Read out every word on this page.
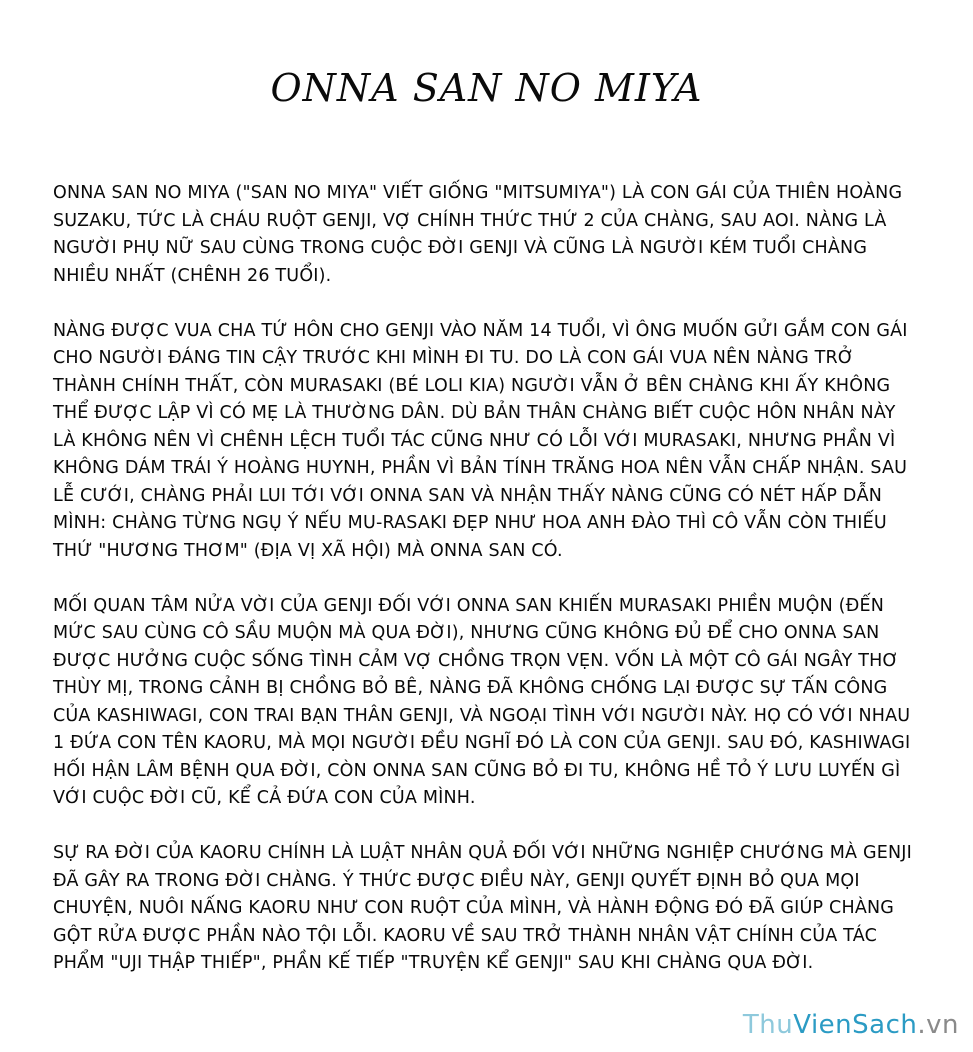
ONNA SAN NO MIYA

ONNA SAN NO MIYA ("SAN NO MIYA" VIẾT GIỐNG "MITSUMIYA") LÀ CON GÁI CỦA THIÊN HOÀNG SUZAKU, TỨC LÀ CHÁU RUỘT GENJI, VỢ CHÍNH THỨC THỨ 2 CỦA CHÀNG, SAU AOI. NÀNG LÀ NGƯỜI PHỤ NỮ SAU CÙNG TRONG CUỘC ĐỜI GENJI VÀ CŨNG LÀ NGƯỜI KÉM TUỔI CHÀNG NHIỀU NHẤT (CHÊNH 26 TUỔI).

NÀNG ĐƯỢC VUA CHA TỨ HÔN CHO GENJI VÀO NĂM 14 TUỔI, VÌ ÔNG MUỐN GỬI GẮM CON GÁI CHO NGƯỜI ĐÁNG TIN CẬY TRƯỚC KHI MÌNH ĐI TU. DO LÀ CON GÁI VUA NÊN NÀNG TRỞ THÀNH CHÍNH THẤT, CÒN MURASAKI (BÉ LOLI KIA) NGƯỜI VẪN Ở BÊN CHÀNG KHI ẤY KHÔNG THỂ ĐƯỢC LẬP VÌ CÓ MẸ LÀ THƯỜNG DÂN. DÙ BẢN THÂN CHÀNG BIẾT CUỘC HÔN NHÂN NÀY LÀ KHÔNG NÊN VÌ CHÊNH LỆCH TUỔI TÁC CŨNG NHƯ CÓ LỖI VỚI MURASAKI, NHƯNG PHẦN VÌ KHÔNG DÁM TRÁI Ý HOÀNG HUYNH, PHẦN VÌ BẢN TÍNH TRĂNG HOA NÊN VẪN CHẤP NHẬN. SAU LỄ CƯỚI, CHÀNG PHẢI LUI TỚI VỚI ONNA SAN VÀ NHẬN THẤY NÀNG CŨNG CÓ NÉT HẤP DẪN MÌNH: CHÀNG TỪNG NGỤ Ý NẾU MU-RASAKI ĐẸP NHƯ HOA ANH ĐÀO THÌ CÔ VẪN CÒN THIẾU THỨ "HƯƠNG THƠM" (ĐỊA VỊ XÃ HỘI) MÀ ONNA SAN CÓ.

MỐI QUAN TÂM NỬA VỜI CỦA GENJI ĐỐI VỚI ONNA SAN KHIẾN MURASAKI PHIỀN MUỘN (ĐẾN MỨC SAU CÙNG CÔ SẦU MUỘN MÀ QUA ĐỜI), NHƯNG CŨNG KHÔNG ĐỦ ĐỂ CHO ONNA SAN ĐƯỢC HƯỞNG CUỘC SỐNG TÌNH CẢM VỢ CHỒNG TRỌN VẸN. VỐN LÀ MỘT CÔ GÁI NGÂY THƠ THÙY MỊ, TRONG CẢNH BỊ CHỒNG BỎ BÊ, NÀNG ĐÃ KHÔNG CHỐNG LẠI ĐƯỢC SỰ TẤN CÔNG CỦA KASHIWAGI, CON TRAI BẠN THÂN GENJI, VÀ NGOẠI TÌNH VỚI NGƯỜI NÀY. HỌ CÓ VỚI NHAU 1 ĐỨA CON TÊN KAORU, MÀ MỌI NGƯỜI ĐỀU NGHĨ ĐÓ LÀ CON CỦA GENJI. SAU ĐÓ, KASHIWAGI HỐI HẬN LÂM BỆNH QUA ĐỜI, CÒN ONNA SAN CŨNG BỎ ĐI TU, KHÔNG HỀ TỎ Ý LƯU LUYẾN GÌ VỚI CUỘC ĐỜI CŨ, KỂ CẢ ĐỨA CON CỦA MÌNH.

SỰ RA ĐỜI CỦA KAORU CHÍNH LÀ LUẬT NHÂN QUẢ ĐỐI VỚI NHỮNG NGHIỆP CHƯỚNG MÀ GENJI ĐÃ GÂY RA TRONG ĐỜI CHÀNG. Ý THỨC ĐƯỢC ĐIỀU NÀY, GENJI QUYẾT ĐỊNH BỎ QUA MỌI CHUYỆN, NUÔI NẤNG KAORU NHƯ CON RUỘT CỦA MÌNH, VÀ HÀNH ĐỘNG ĐÓ ĐÃ GIÚP CHÀNG GỘT RỬA ĐƯỢC PHẦN NÀO TỘI LỖI. KAORU VỀ SAU TRỞ THÀNH NHÂN VẬT CHÍNH CỦA TÁC PHẨM "UJI THẬP THIẾP", PHẦN KẾ TIẾP "TRUYỆN KỂ GENJI" SAU KHI CHÀNG QUA ĐỜI.

ThuVienSach.vn
